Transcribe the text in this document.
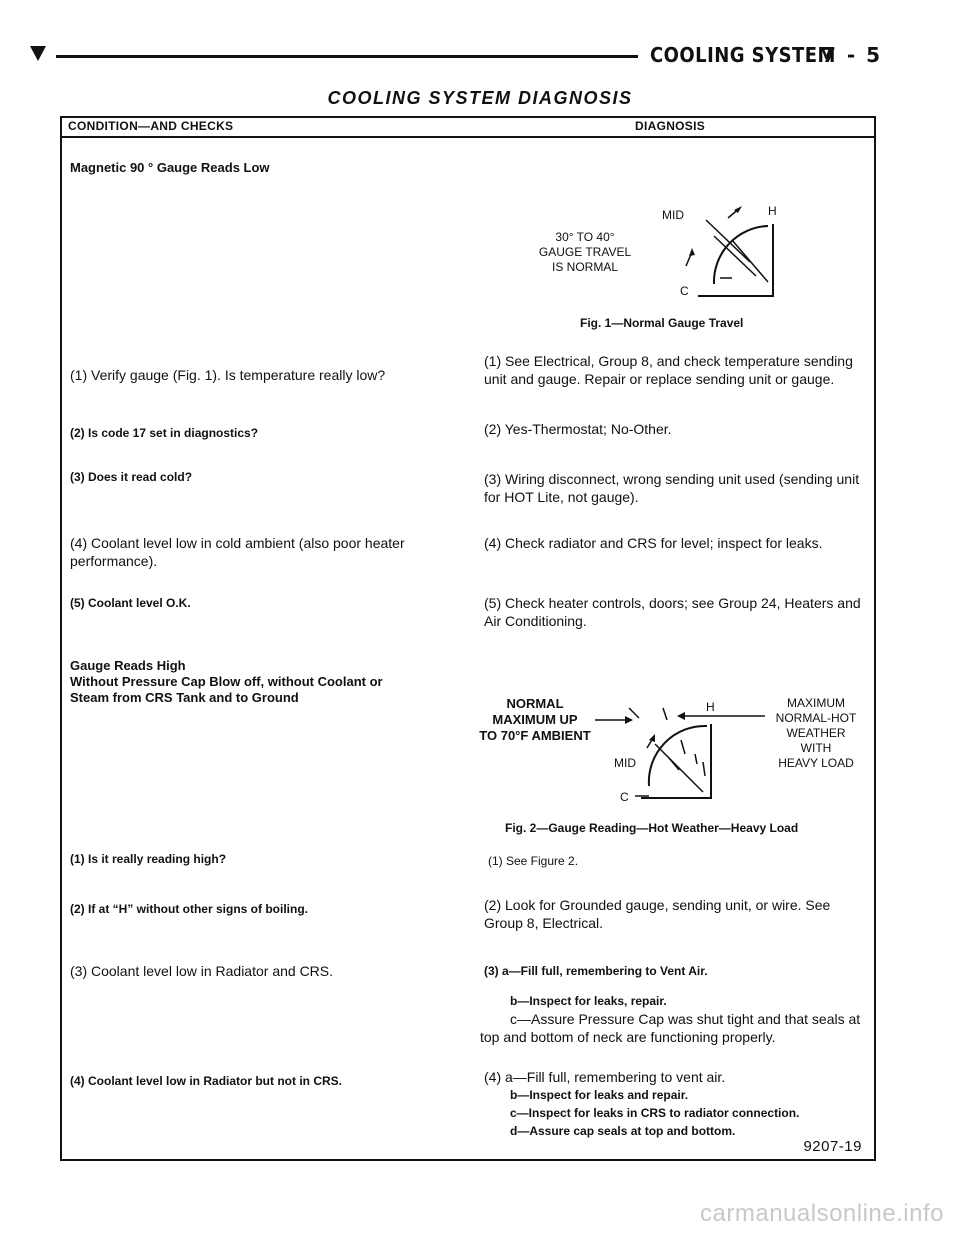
COOLING SYSTEM
7 - 5
COOLING SYSTEM DIAGNOSIS
CONDITION—AND CHECKS	DIAGNOSIS
Magnetic 90 ° Gauge Reads Low
30° TO 40°
GAUGE TRAVEL
IS NORMAL
MID	H
C
Fig. 1—Normal Gauge Travel
(1) Verify gauge (Fig. 1). Is temperature really low?
(1) See Electrical, Group 8, and check temperature sending unit and gauge. Repair or replace sending unit or gauge.
(2) Is code 17 set in diagnostics?	(2) Yes-Thermostat; No-Other.
(3) Does it read cold?	(3) Wiring disconnect, wrong sending unit used (sending unit for HOT Lite, not gauge).
(4) Coolant level low in cold ambient (also poor heater performance).
(4) Check radiator and CRS for level; inspect for leaks.
(5) Coolant level O.K.	(5) Check heater controls, doors; see Group 24, Heaters and Air Conditioning.
Gauge Reads High
Without Pressure Cap Blow off, without Coolant or
Steam from CRS Tank and to Ground	NORMAL
MAXIMUM UP
TO 70°F AMBIENT
MAXIMUM
NORMAL-HOT
WEATHER
WITH
HEAVY LOAD
H
MID
C
Fig. 2—Gauge Reading—Hot Weather—Heavy Load
(1) Is it really reading high?	(1) See Figure 2.
(2) If at “H” without other signs of boiling.	(2) Look for Grounded gauge, sending unit, or wire. See Group 8, Electrical.
(3) Coolant level low in Radiator and CRS.	(3) a—Fill full, remembering to Vent Air.
b—Inspect for leaks, repair.
c—Assure Pressure Cap was shut tight and that seals at
top and bottom of neck are functioning properly.
(4) Coolant level low in Radiator but not in CRS.	(4) a—Fill full, remembering to vent air.
b—Inspect for leaks and repair.
c—Inspect for leaks in CRS to radiator connection.
d—Assure cap seals at top and bottom.
9207-19
carmanualsonline.info
